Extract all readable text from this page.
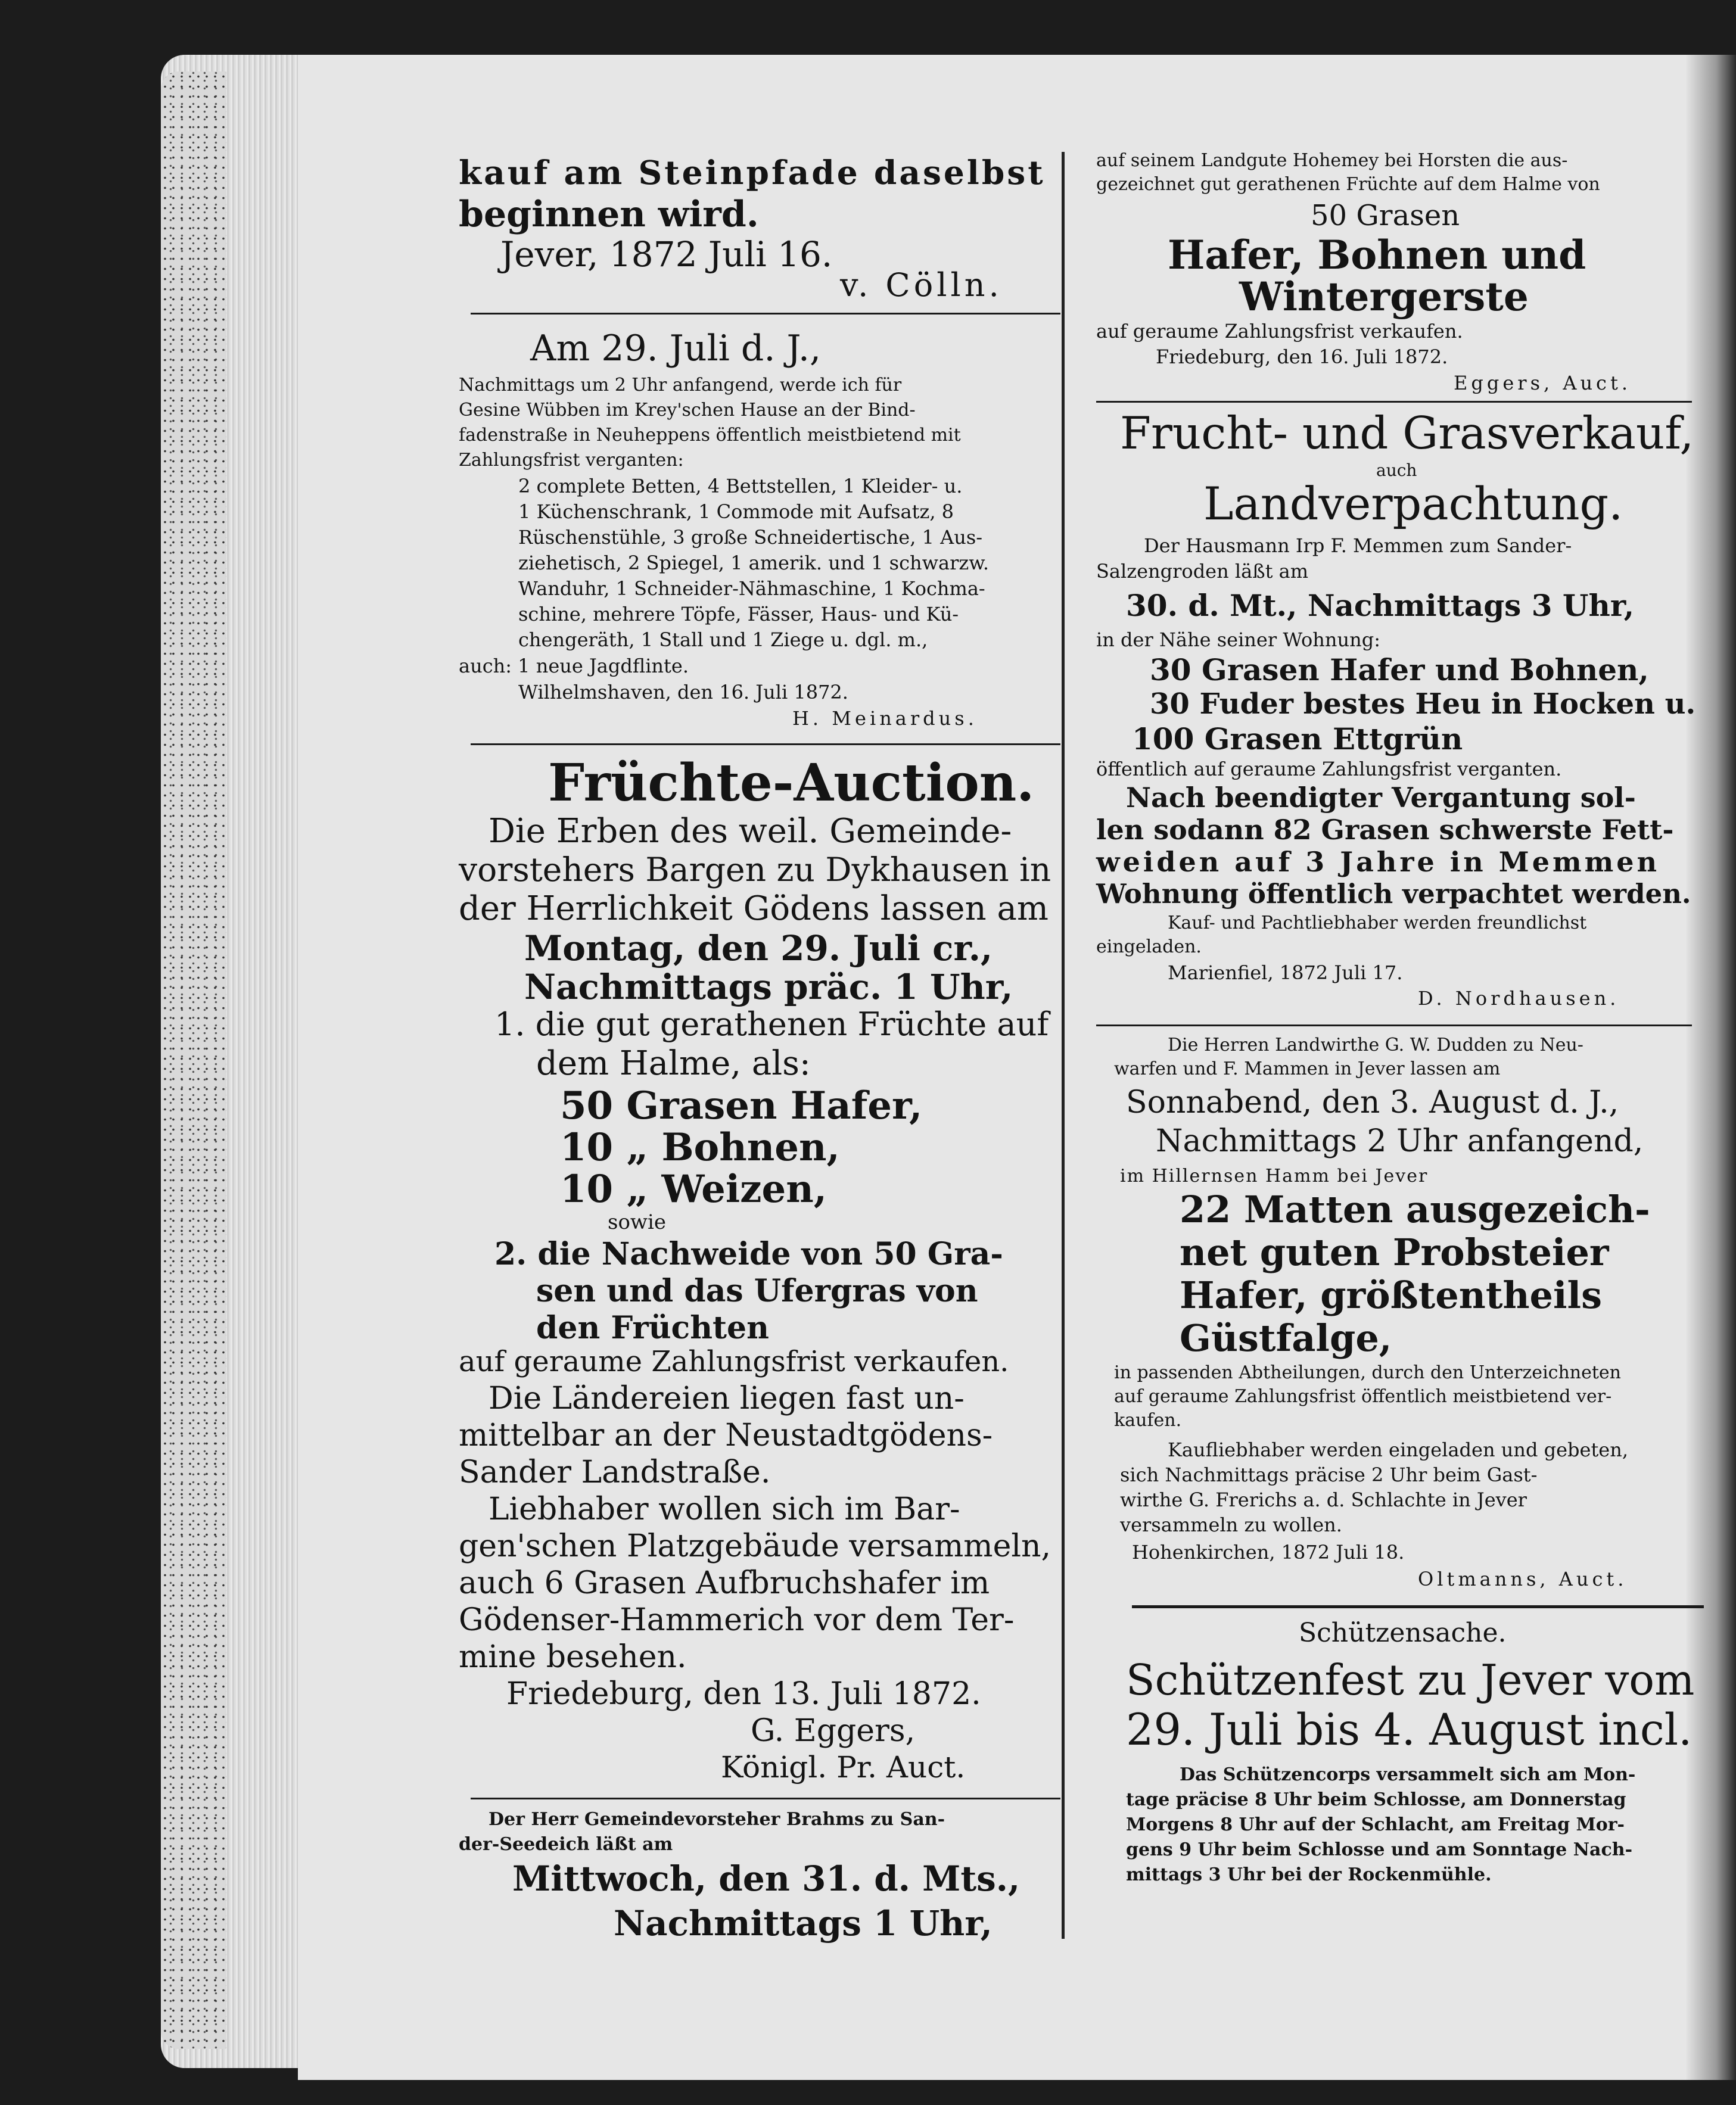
kauf am Steinpfade daselbst
beginnen wird.
Jever, 1872 Juli 16.
v. Cölln.
Am 29. Juli d. J.,
Nachmittags um 2 Uhr anfangend, werde ich für
Gesine Wübben im Krey'schen Hause an der Bind-
fadenstraße in Neuheppens öffentlich meistbietend mit
Zahlungsfrist verganten:
2 complete Betten, 4 Bettstellen, 1 Kleider- u.
1 Küchenschrank, 1 Commode mit Aufsatz, 8
Rüschenstühle, 3 große Schneidertische, 1 Aus-
ziehetisch, 2 Spiegel, 1 amerik. und 1 schwarzw.
Wanduhr, 1 Schneider-Nähmaschine, 1 Kochma-
schine, mehrere Töpfe, Fässer, Haus- und Kü-
chengeräth, 1 Stall und 1 Ziege u. dgl. m.,
auch: 1 neue Jagdflinte.
Wilhelmshaven, den 16. Juli 1872.
H. Meinardus.
Früchte-Auction.
Die Erben des weil. Gemeinde-
vorstehers Bargen zu Dykhausen in
der Herrlichkeit Gödens lassen am
Montag, den 29. Juli cr.,
Nachmittags präc. 1 Uhr,
1. die gut gerathenen Früchte auf
dem Halme, als:
50 Grasen Hafer,
10 „ Bohnen,
10 „ Weizen,
sowie
2. die Nachweide von 50 Gra-
sen und das Ufergras von
den Früchten
auf geraume Zahlungsfrist verkaufen.
Die Ländereien liegen fast un-
mittelbar an der Neustadtgödens-
Sander Landstraße.
Liebhaber wollen sich im Bar-
gen'schen Platzgebäude versammeln,
auch 6 Grasen Aufbruchshafer im
Gödenser-Hammerich vor dem Ter-
mine besehen.
Friedeburg, den 13. Juli 1872.
G. Eggers,
Königl. Pr. Auct.
Der Herr Gemeindevorsteher Brahms zu San-
der-Seedeich läßt am
Mittwoch, den 31. d. Mts.,
Nachmittags 1 Uhr,
auf seinem Landgute Hohemey bei Horsten die aus-
gezeichnet gut gerathenen Früchte auf dem Halme von
50 Grasen
Hafer, Bohnen und
Wintergerste
auf geraume Zahlungsfrist verkaufen.
Friedeburg, den 16. Juli 1872.
Eggers, Auct.
Frucht- und Grasverkauf,
auch
Landverpachtung.
Der Hausmann Irp F. Memmen zum Sander-
Salzengroden läßt am
30. d. Mt., Nachmittags 3 Uhr,
in der Nähe seiner Wohnung:
30 Grasen Hafer und Bohnen,
30 Fuder bestes Heu in Hocken u.
100 Grasen Ettgrün
öffentlich auf geraume Zahlungsfrist verganten.
Nach beendigter Vergantung sol-
len sodann 82 Grasen schwerste Fett-
weiden auf 3 Jahre in Memmen
Wohnung öffentlich verpachtet werden.
Kauf- und Pachtliebhaber werden freundlichst
eingeladen.
Marienfiel, 1872 Juli 17.
D. Nordhausen.
Die Herren Landwirthe G. W. Dudden zu Neu-
warfen und F. Mammen in Jever lassen am
Sonnabend, den 3. August d. J.,
Nachmittags 2 Uhr anfangend,
im Hillernsen Hamm bei Jever
22 Matten ausgezeich-
net guten Probsteier
Hafer, größtentheils
Güstfalge,
in passenden Abtheilungen, durch den Unterzeichneten
auf geraume Zahlungsfrist öffentlich meistbietend ver-
kaufen.
Kaufliebhaber werden eingeladen und gebeten,
sich Nachmittags präcise 2 Uhr beim Gast-
wirthe G. Frerichs a. d. Schlachte in Jever
versammeln zu wollen.
Hohenkirchen, 1872 Juli 18.
Oltmanns, Auct.
Schützensache.
Schützenfest zu Jever vom
29. Juli bis 4. August incl.
Das Schützencorps versammelt sich am Mon-
tage präcise 8 Uhr beim Schlosse, am Donnerstag
Morgens 8 Uhr auf der Schlacht, am Freitag Mor-
gens 9 Uhr beim Schlosse und am Sonntage Nach-
mittags 3 Uhr bei der Rockenmühle.
